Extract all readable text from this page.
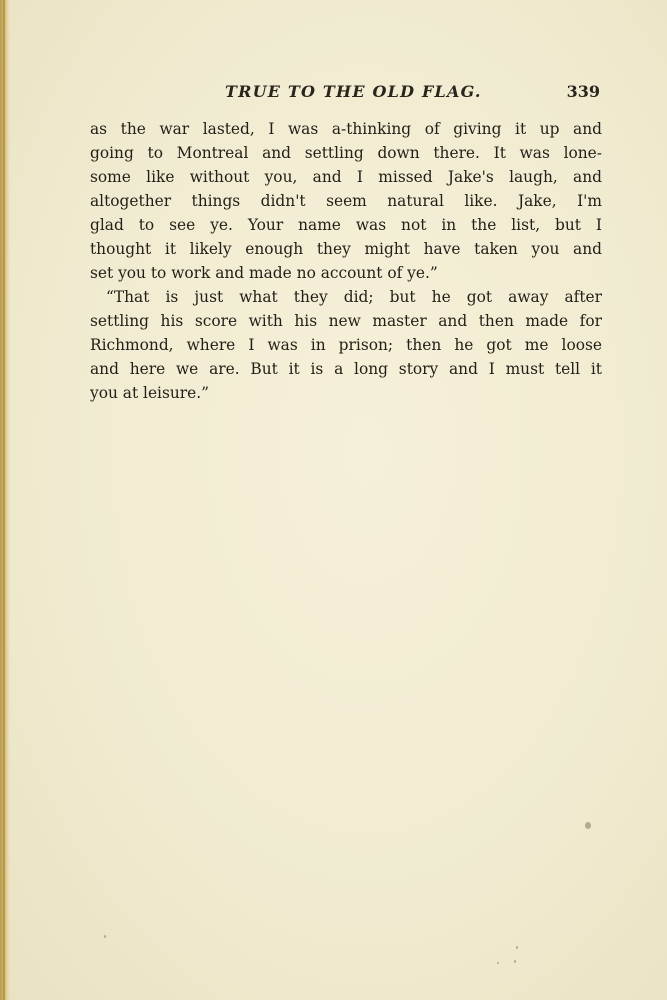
TRUE TO THE OLD FLAG.	339
as the war lasted, I was a-thinking of giving it up and
going to Montreal and settling down there. It was lone-
some like without you, and I missed Jake's laugh, and
altogether things didn't seem natural like. Jake, I'm
glad to see ye. Your name was not in the list, but I
thought it likely enough they might have taken you and
set you to work and made no account of ye.”
“That is just what they did; but he got away after
settling his score with his new master and then made for
Richmond, where I was in prison; then he got me loose
and here we are. But it is a long story and I must tell it
you at leisure.”
